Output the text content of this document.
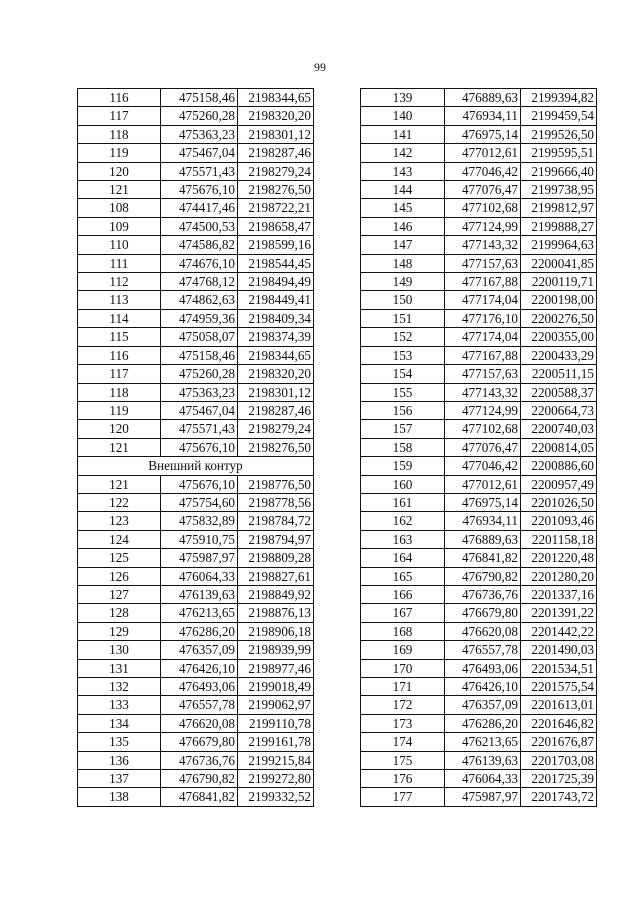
99
116	475158,46	2198344,65
117	475260,28	2198320,20
118	475363,23	2198301,12
119	475467,04	2198287,46
120	475571,43	2198279,24
121	475676,10	2198276,50
108	474417,46	2198722,21
109	474500,53	2198658,47
110	474586,82	2198599,16
111	474676,10	2198544,45
112	474768,12	2198494,49
113	474862,63	2198449,41
114	474959,36	2198409,34
115	475058,07	2198374,39
116	475158,46	2198344,65
117	475260,28	2198320,20
118	475363,23	2198301,12
119	475467,04	2198287,46
120	475571,43	2198279,24
121	475676,10	2198276,50
Внешний контур		
121	475676,10	2198776,50
122	475754,60	2198778,56
123	475832,89	2198784,72
124	475910,75	2198794,97
125	475987,97	2198809,28
126	476064,33	2198827,61
127	476139,63	2198849,92
128	476213,65	2198876,13
129	476286,20	2198906,18
130	476357,09	2198939,99
131	476426,10	2198977,46
132	476493,06	2199018,49
133	476557,78	2199062,97
134	476620,08	2199110,78
135	476679,80	2199161,78
136	476736,76	2199215,84
137	476790,82	2199272,80
138	476841,82	2199332,52
139	476889,63	2199394,82
140	476934,11	2199459,54
141	476975,14	2199526,50
142	477012,61	2199595,51
143	477046,42	2199666,40
144	477076,47	2199738,95
145	477102,68	2199812,97
146	477124,99	2199888,27
147	477143,32	2199964,63
148	477157,63	2200041,85
149	477167,88	2200119,71
150	477174,04	2200198,00
151	477176,10	2200276,50
152	477174,04	2200355,00
153	477167,88	2200433,29
154	477157,63	2200511,15
155	477143,32	2200588,37
156	477124,99	2200664,73
157	477102,68	2200740,03
158	477076,47	2200814,05
159	477046,42	2200886,60
160	477012,61	2200957,49
161	476975,14	2201026,50
162	476934,11	2201093,46
163	476889,63	2201158,18
164	476841,82	2201220,48
165	476790,82	2201280,20
166	476736,76	2201337,16
167	476679,80	2201391,22
168	476620,08	2201442,22
169	476557,78	2201490,03
170	476493,06	2201534,51
171	476426,10	2201575,54
172	476357,09	2201613,01
173	476286,20	2201646,82
174	476213,65	2201676,87
175	476139,63	2201703,08
176	476064,33	2201725,39
177	475987,97	2201743,72
